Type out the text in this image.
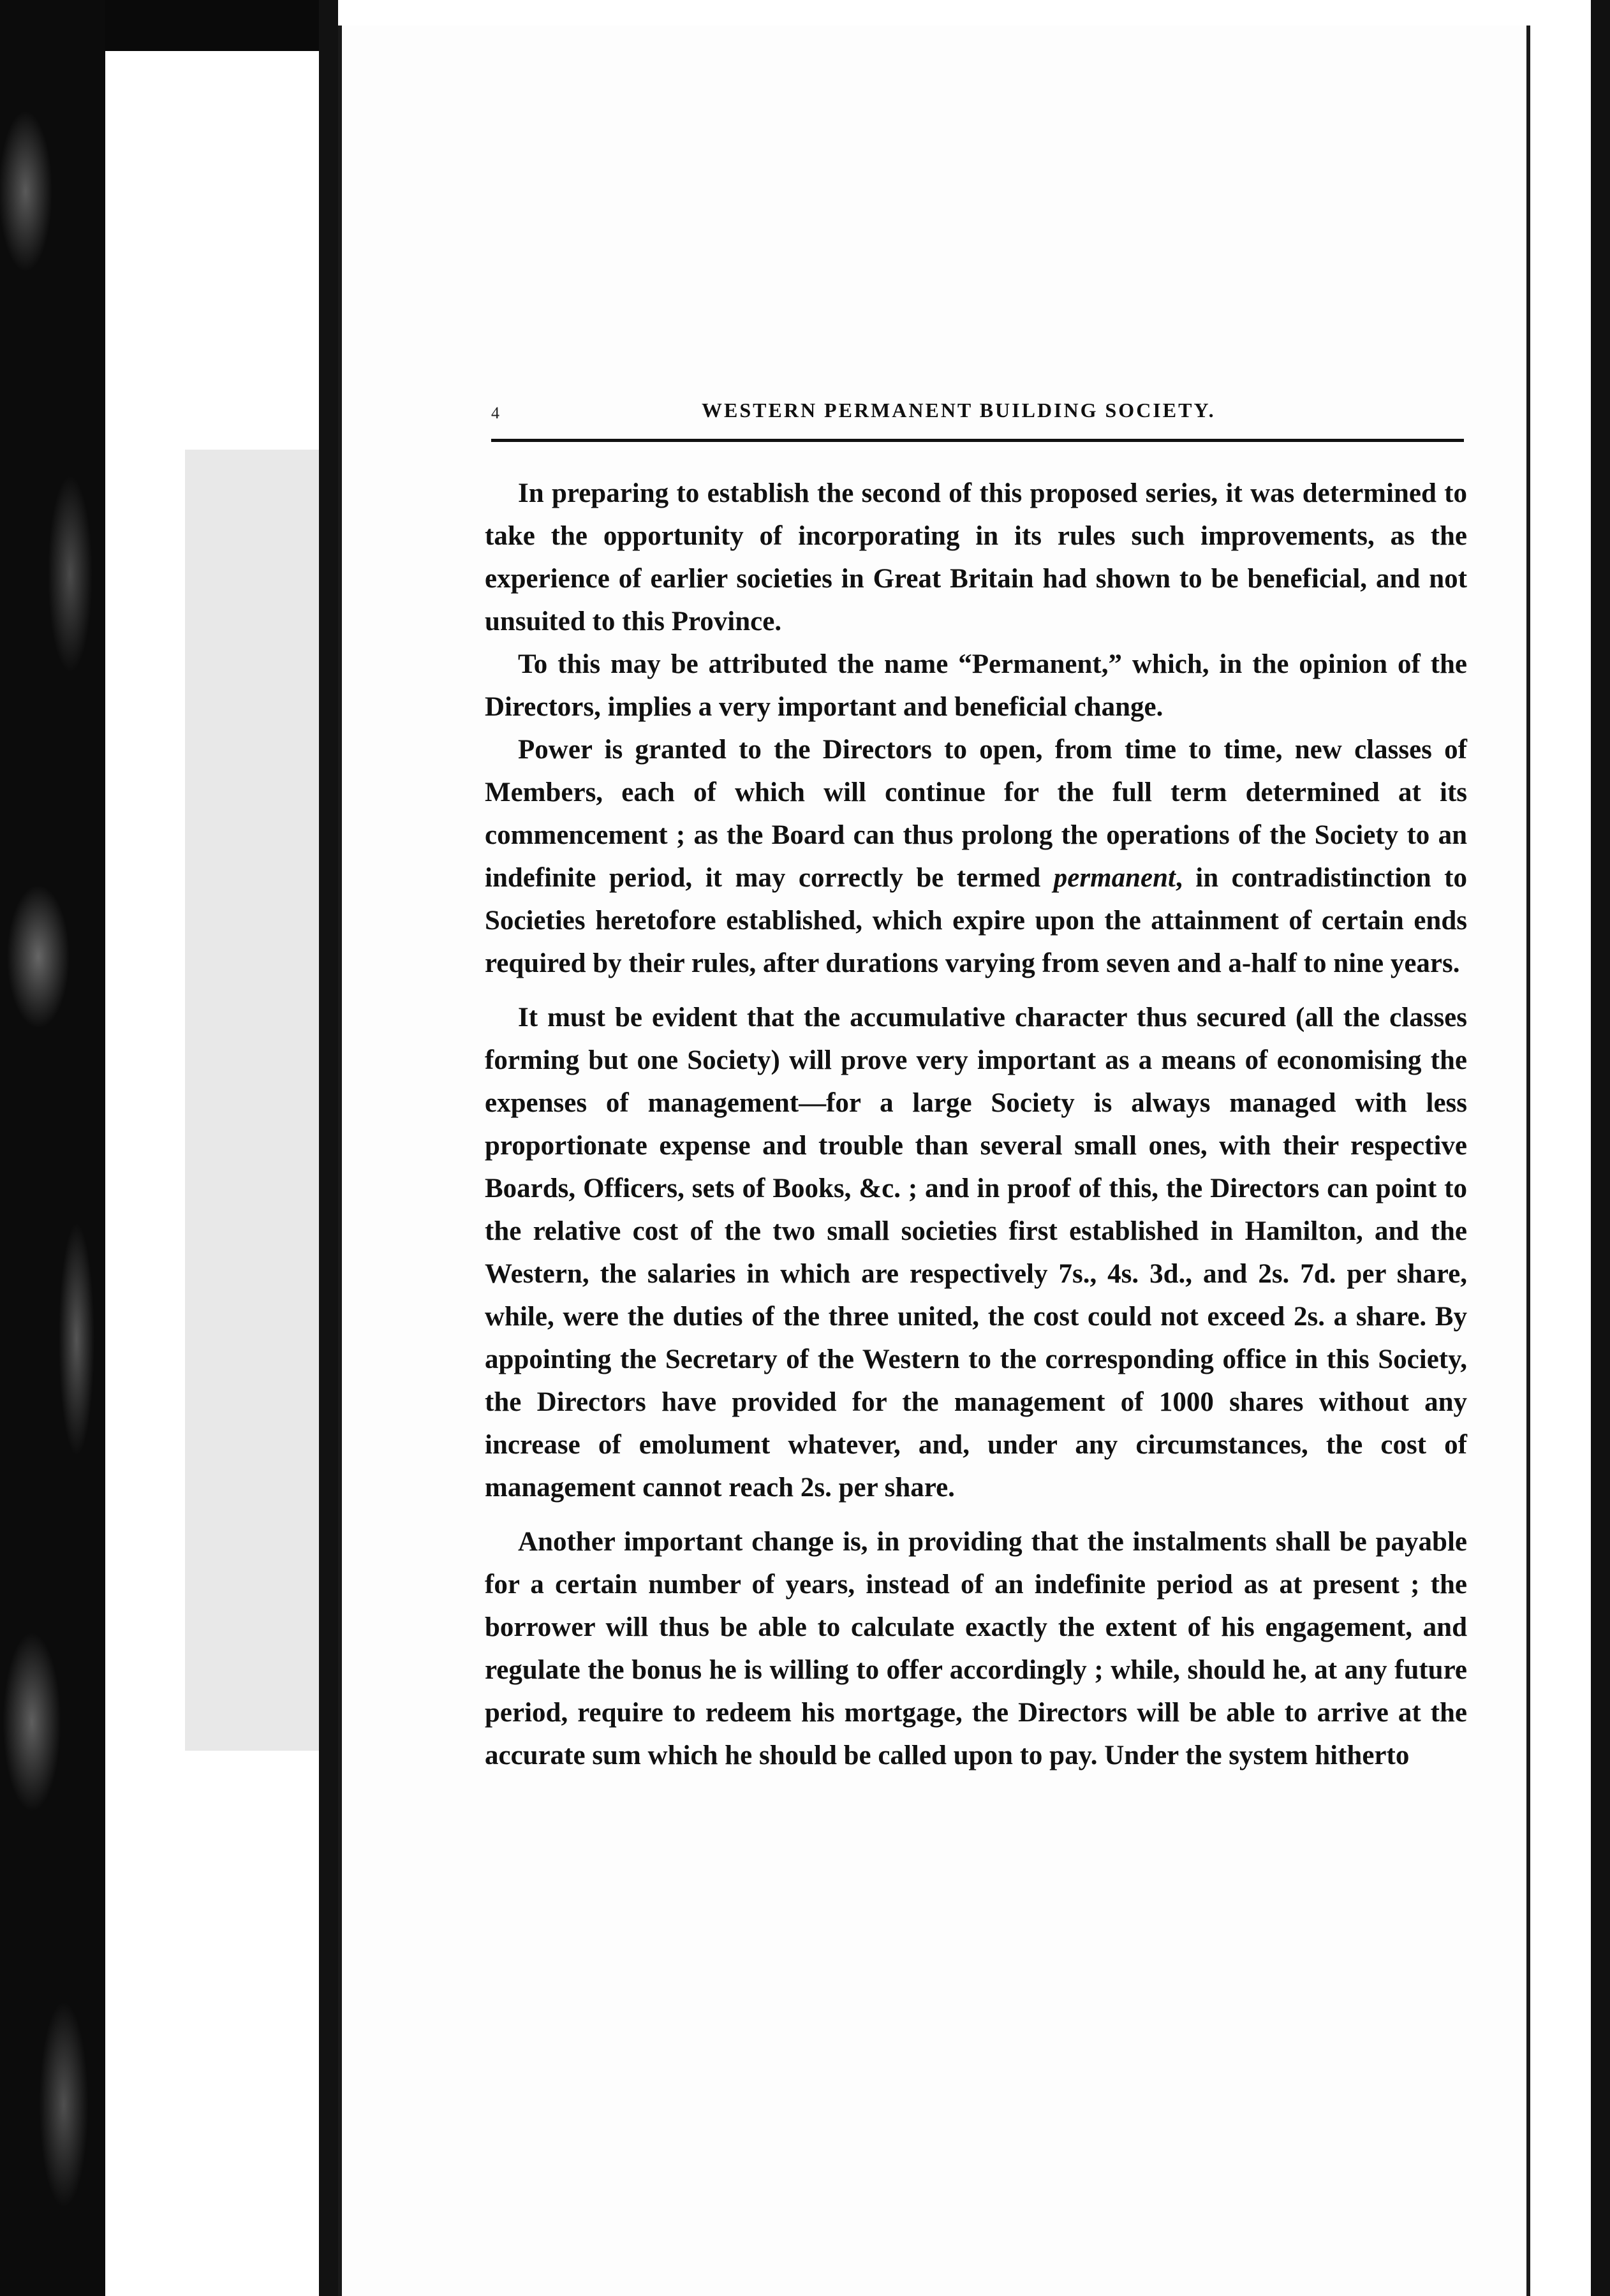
4	WESTERN PERMANENT BUILDING SOCIETY.

In preparing to establish the second of this proposed series, it was determined to take the opportunity of incorporating in its rules such improvements, as the experience of earlier societies in Great Britain had shown to be beneficial, and not unsuited to this Province.

To this may be attributed the name “Permanent,” which, in the opinion of the Directors, implies a very important and beneficial change.

Power is granted to the Directors to open, from time to time, new classes of Members, each of which will continue for the full term determined at its commencement ; as the Board can thus prolong the operations of the Society to an indefinite period, it may correctly be termed permanent, in contradistinction to Societies heretofore established, which expire upon the attainment of certain ends required by their rules, after durations varying from seven and a-half to nine years.

It must be evident that the accumulative character thus secured (all the classes forming but one Society) will prove very important as a means of economising the expenses of management—for a large Society is always managed with less proportionate expense and trouble than several small ones, with their respective Boards, Officers, sets of Books, &c. ; and in proof of this, the Directors can point to the relative cost of the two small societies first established in Hamilton, and the Western, the salaries in which are respectively 7s., 4s. 3d., and 2s. 7d. per share, while, were the duties of the three united, the cost could not exceed 2s. a share. By appointing the Secretary of the Western to the corresponding office in this Society, the Directors have provided for the management of 1000 shares without any increase of emolument whatever, and, under any circumstances, the cost of management cannot reach 2s. per share.

Another important change is, in providing that the instalments shall be payable for a certain number of years, instead of an indefinite period as at present ; the borrower will thus be able to calculate exactly the extent of his engagement, and regulate the bonus he is willing to offer accordingly ; while, should he, at any future period, require to redeem his mortgage, the Directors will be able to arrive at the accurate sum which he should be called upon to pay. Under the system hitherto
